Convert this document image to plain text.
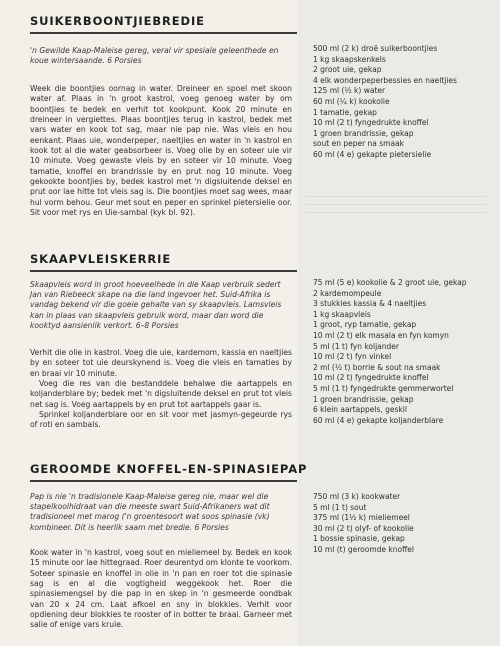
SUIKERBOONTJIEBREDIE
'n Gewilde Kaap-Maleise gereg, veral vir spesiale geleenthede en koue wintersaande. 6 Porsies

Week die boontjies oornag in water. Dreineer en spoel met skoon water af. Plaas in 'n groot kastrol, voeg genoeg water by om boontjies te bedek en verhit tot kookpunt. Kook 20 minute en dreineer in vergiettes. Plaas boontjies terug in kastrol, bedek met vars water en kook tot sag, maar nie pap nie. Was vleis en hou eenkant. Plaas uie, wonderpeper, naeltjies en water in 'n kastrol en kook tot al die water geabsorbeer is. Voeg olie by en soteer uie vir 10 minute. Voeg gewaste vleis by en soteer vir 10 minute. Voeg tamatie, knoffel en brandrissie by en prut nog 10 minute. Voeg gekookte boontjies by, bedek kastrol met 'n digsluitende deksel en prut oor lae hitte tot vleis sag is. Die boontjies moet sag wees, maar hul vorm behou. Geur met sout en peper en sprinkel pietersielie oor. Sit voor met rys en Uie-sambal (kyk bl. 92).

500 ml (2 k) droë suikerboontjies
1 kg skaapskenkels
2 groot uie, gekap
4 elk wonderpeperbessies en naeltjies
125 ml (½ k) water
60 ml (¼ k) kookolie
1 tamatie, gekap
10 ml (2 t) fyngedrukte knoffel
1 groen brandrissie, gekap
sout en peper na smaak
60 ml (4 e) gekapte pietersielie
SKAAPVLEISKERRIE
Skaapvleis word in groot hoeveelhede in die Kaap verbruik sedert Jan van Riebeeck skape na die land ingevoer het. Suid-Afrika is vandag bekend vir die goeie gehalte van sy skaapvleis. Lamsvleis kan in plaas van skaapvleis gebruik word, maar dan word die kooktyd aansienlik verkort. 6–8 Porsies

Verhit die olie in kastrol. Voeg die uie, kardemom, kassia en naeltjies by en soteer tot uie deurskynend is. Voeg die vleis en tamaties by en braai vir 10 minute.

Voeg die res van die bestanddele behalwe die aartappels en koljanderblare by; bedek met 'n digsluitende deksel en prut tot vleis net sag is. Voeg aartappels by en prut tot aartappels gaar is.

Sprinkel koljanderblare oor en sit voor met jasmyn-gegeurde rys of roti en sambals.

75 ml (5 e) kookolie & 2 groot uie, gekap
2 kardemompeule
3 stukkies kassia & 4 naeltjies
1 kg skaapvleis
1 groot, ryp tamatie, gekap
10 ml (2 t) elk masala en fyn komyn
5 ml (1 t) fyn koljander
10 ml (2 t) fyn vinkel
2 ml (½ t) borrie & sout na smaak
10 ml (2 t) fyngedrukte knoffel
5 ml (1 t) fyngedrukte gemmerwortel
1 groen brandrissie, gekap
6 klein aartappels, geskil
60 ml (4 e) gekapte koljanderblare
GEROOMDE KNOFFEL-EN-SPINASIEPAP
Pap is nie 'n tradisionele Kaap-Maleise gereg nie, maar wel die stapelkoolhidraat van die meeste swart Suid-Afrikaners wat dit tradisioneel met marog ('n groentesoort wat soos spinasie (vk) kombineer. Dit is heerlik saam met bredie. 6 Porsies

Kook water in 'n kastrol, voeg sout en mieliemeel by. Bedek en kook 15 minute oor lae hittegraad. Roer deurentyd om klonte te voorkom. Soteer spinasie en knoffel in olie in 'n pan en roer tot die spinasie sag is en al die vogtigheid weggekook het. Roer die spinasiemengsel by die pap in en skep in 'n gesmeerde oondbak van 20 x 24 cm. Laat afkoel en sny in blokkies. Verhit voor opdiening deur blokkies te rooster of in botter te braai. Garneer met salie of enige vars kruie.

750 ml (3 k) kookwater
5 ml (1 t) sout
375 ml (1½ k) mieliemeel
30 ml (2 t) olyf- of kookolie
1 bossie spinasie, gekap
10 ml (t) geroomde knoffel
